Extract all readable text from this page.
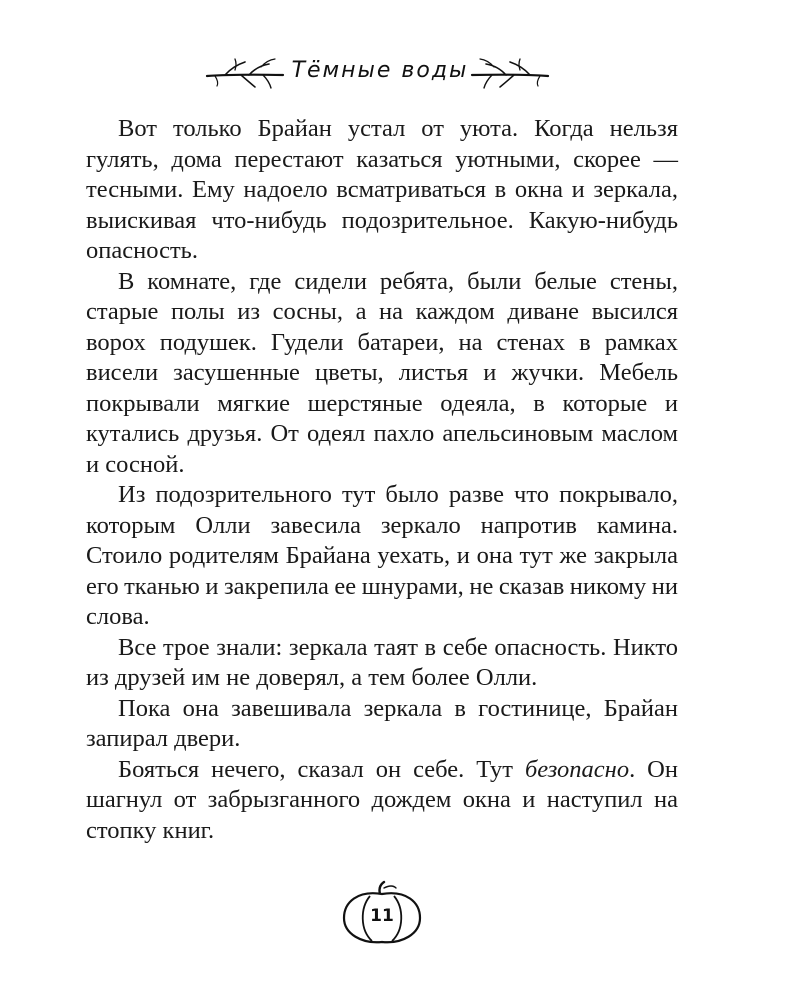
Тёмные воды

Вот только Брайан устал от уюта. Когда нельзя гулять, дома перестают казаться уютными, скорее — тесными. Ему надоело всматриваться в окна и зеркала, выискивая что-нибудь подозрительное. Какую-нибудь опасность.

В комнате, где сидели ребята, были белые стены, старые полы из сосны, а на каждом диване высился ворох подушек. Гудели батареи, на стенах в рамках висели засушенные цветы, листья и жучки. Мебель покрывали мягкие шерстяные одеяла, в которые и кутались друзья. От одеял пахло апельсиновым маслом и сосной.

Из подозрительного тут было разве что покрывало, которым Олли завесила зеркало напротив камина. Стоило родителям Брайана уехать, и она тут же закрыла его тканью и закрепила ее шнурами, не сказав никому ни слова.

Все трое знали: зеркала таят в себе опасность. Никто из друзей им не доверял, а тем более Олли.

Пока она завешивала зеркала в гостинице, Брайан запирал двери.

Бояться нечего, сказал он себе. Тут безопасно. Он шагнул от забрызганного дождем окна и наступил на стопку книг.

11
